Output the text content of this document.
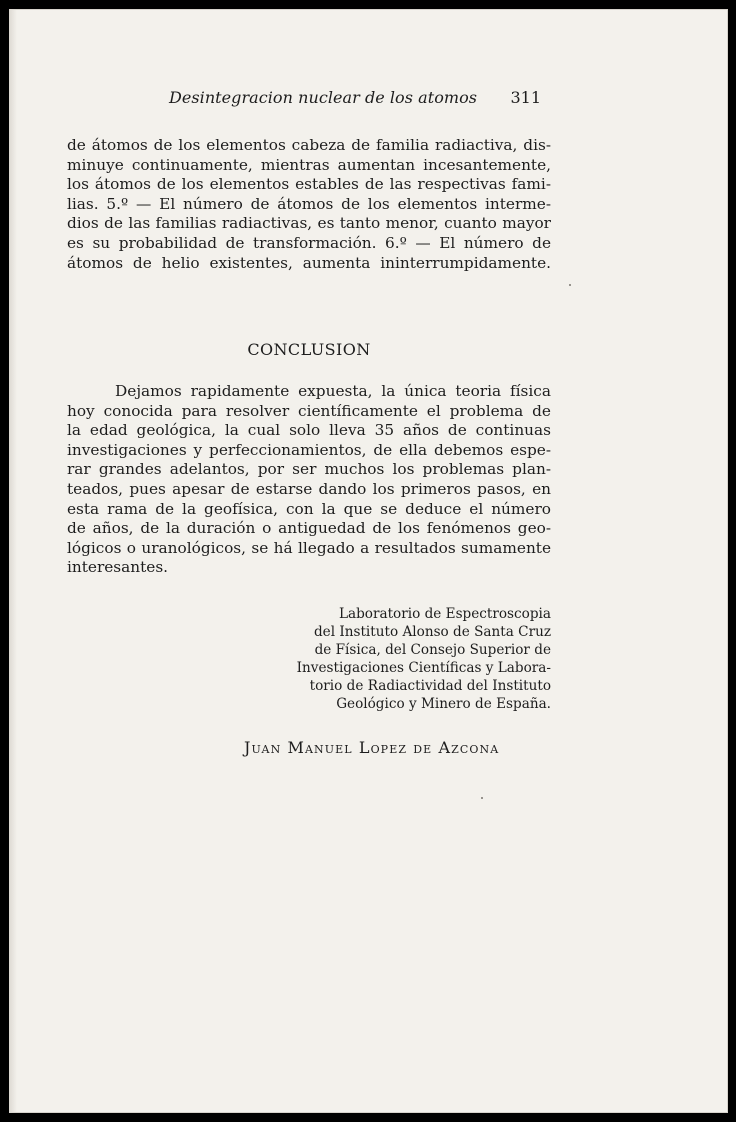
Desintegracion nuclear de los atomos 311
de átomos de los elementos cabeza de familia radiactiva, dis-
minuye continuamente, mientras aumentan incesantemente,
los átomos de los elementos estables de las respectivas fami-
lias. 5.º — El número de átomos de los elementos interme-
dios de las familias radiactivas, es tanto menor, cuanto mayor
es su probabilidad de transformación. 6.º — El número de
átomos de helio existentes, aumenta ininterrumpidamente.
CONCLUSION
Dejamos rapidamente expuesta, la única teoria física
hoy conocida para resolver científicamente el problema de
la edad geológica, la cual solo lleva 35 años de continuas
investigaciones y perfeccionamientos, de ella debemos espe-
rar grandes adelantos, por ser muchos los problemas plan-
teados, pues apesar de estarse dando los primeros pasos, en
esta rama de la geofísica, con la que se deduce el número
de años, de la duración o antiguedad de los fenómenos geo-
lógicos o uranológicos, se há llegado a resultados sumamente
interesantes.
Laboratorio de Espectroscopia
del Instituto Alonso de Santa Cruz
de Física, del Consejo Superior de
Investigaciones Científicas y Labora-
torio de Radiactividad del Instituto
Geológico y Minero de España.
Juan Manuel Lopez de Azcona
